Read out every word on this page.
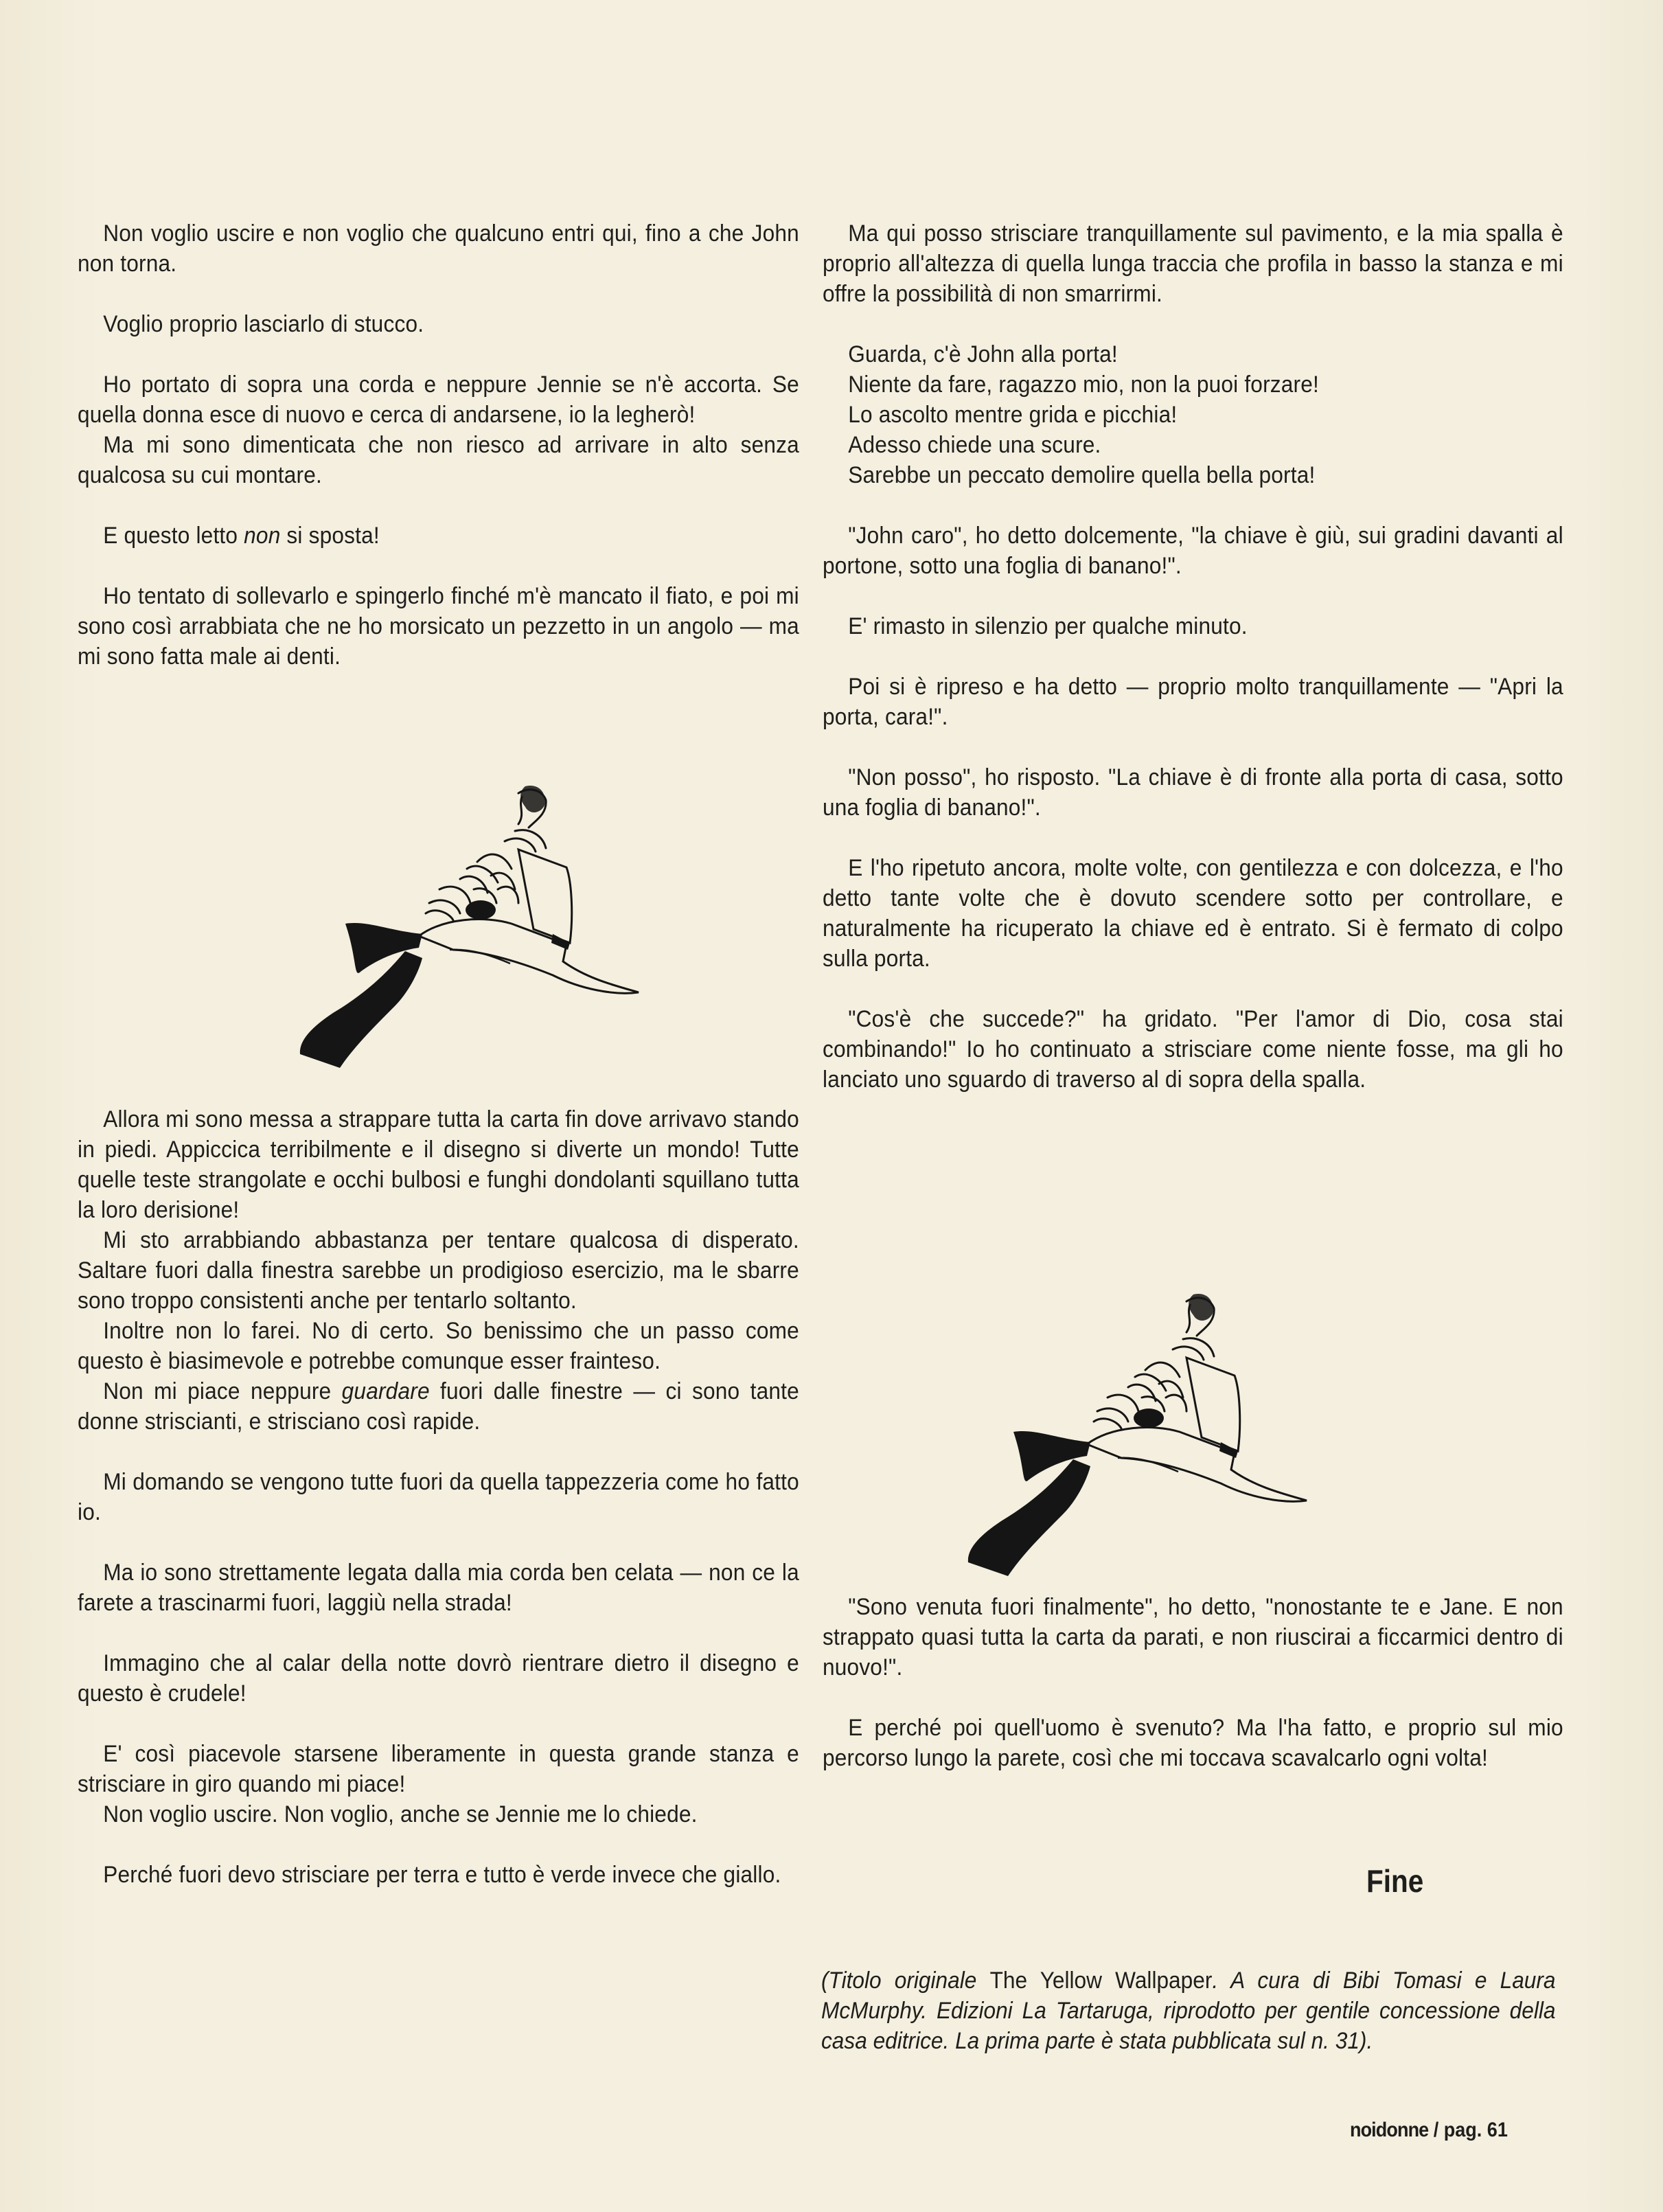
Non voglio uscire e non voglio che qualcuno entri qui, fino a che John non torna.

Voglio proprio lasciarlo di stucco.

Ho portato di sopra una corda e neppure Jennie se n'è accorta. Se quella donna esce di nuovo e cerca di andarsene, io la legherò!

Ma mi sono dimenticata che non riesco ad arrivare in alto senza qualcosa su cui montare.

E questo letto non si sposta!

Ho tentato di sollevarlo e spingerlo finché m'è mancato il fiato, e poi mi sono così arrabbiata che ne ho morsicato un pezzetto in un angolo — ma mi sono fatta male ai denti.

Allora mi sono messa a strappare tutta la carta fin dove arrivavo stando in piedi. Appiccica terribilmente e il disegno si diverte un mondo! Tutte quelle teste strangolate e occhi bulbosi e funghi dondolanti squillano tutta la loro derisione!

Mi sto arrabbiando abbastanza per tentare qualcosa di disperato. Saltare fuori dalla finestra sarebbe un prodigioso esercizio, ma le sbarre sono troppo consistenti anche per tentarlo soltanto.

Inoltre non lo farei. No di certo. So benissimo che un passo come questo è biasimevole e potrebbe comunque esser frainteso.

Non mi piace neppure guardare fuori dalle finestre — ci sono tante donne striscianti, e strisciano così rapide.

Mi domando se vengono tutte fuori da quella tappezzeria come ho fatto io.

Ma io sono strettamente legata dalla mia corda ben celata — non ce la farete a trascinarmi fuori, laggiù nella strada!

Immagino che al calar della notte dovrò rientrare dietro il disegno e questo è crudele!

E' così piacevole starsene liberamente in questa grande stanza e strisciare in giro quando mi piace!

Non voglio uscire. Non voglio, anche se Jennie me lo chiede.

Perché fuori devo strisciare per terra e tutto è verde invece che giallo.

Ma qui posso strisciare tranquillamente sul pavimento, e la mia spalla è proprio all'altezza di quella lunga traccia che profila in basso la stanza e mi offre la possibilità di non smarrirmi.

Guarda, c'è John alla porta!
Niente da fare, ragazzo mio, non la puoi forzare!
Lo ascolto mentre grida e picchia!
Adesso chiede una scure.
Sarebbe un peccato demolire quella bella porta!

"John caro", ho detto dolcemente, "la chiave è giù, sui gradini davanti al portone, sotto una foglia di banano!".

E' rimasto in silenzio per qualche minuto.

Poi si è ripreso e ha detto — proprio molto tranquillamente — "Apri la porta, cara!".

"Non posso", ho risposto. "La chiave è di fronte alla porta di casa, sotto una foglia di banano!".

E l'ho ripetuto ancora, molte volte, con gentilezza e con dolcezza, e l'ho detto tante volte che è dovuto scendere sotto per controllare, e naturalmente ha ricuperato la chiave ed è entrato. Si è fermato di colpo sulla porta.

"Cos'è che succede?" ha gridato. "Per l'amor di Dio, cosa stai combinando!" Io ho continuato a strisciare come niente fosse, ma gli ho lanciato uno sguardo di traverso al di sopra della spalla.

"Sono venuta fuori finalmente", ho detto, "nonostante te e Jane. E non strappato quasi tutta la carta da parati, e non riuscirai a ficcarmici dentro di nuovo!".

E perché poi quell'uomo è svenuto? Ma l'ha fatto, e proprio sul mio percorso lungo la parete, così che mi toccava scavalcarlo ogni volta!

Fine
(Titolo originale The Yellow Wallpaper. A cura di Bibi Tomasi e Laura McMurphy. Edizioni La Tartaruga, riprodotto per gentile concessione della casa editrice. La prima parte è stata pubblicata sul n. 31).
noidonne / pag. 61
